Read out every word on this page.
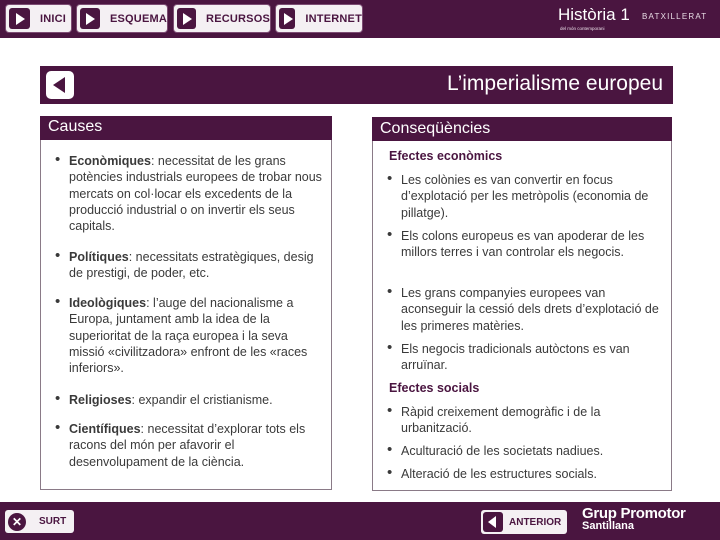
INICI	ESQUEMA	RECURSOS	INTERNET	Història 1 BATXILLERAT
del món contemporani
L’imperialisme europeu
Causes
• Econòmiques: necessitat de les grans potències industrials europees de trobar nous mercats on col·locar els excedents de la producció industrial o on invertir els seus capitals.
• Polítiques: necessitats estratègiques, desig de prestigi, de poder, etc.
• Ideològiques: l’auge del nacionalisme a Europa, juntament amb la idea de la superioritat de la raça europea i la seva missió «civilitzadora» enfront de les «races inferiors».
• Religioses: expandir el cristianisme.
• Científiques: necessitat d’explorar tots els racons del món per afavorir el desenvolupament de la ciència.
Conseqüències
Efectes econòmics
• Les colònies es van convertir en focus d’explotació per les metròpolis (economia de pillatge).
• Els colons europeus es van apoderar de les millors terres i van controlar els negocis.
• Les grans companyies europees van aconseguir la cessió dels drets d’explotació de les primeres matèries.
• Els negocis tradicionals autòctons es van arruïnar.
Efectes socials
• Ràpid creixement demogràfic i de la urbanització.
• Aculturació de les societats nadiues.
• Alteració de les estructures socials.
✕	SURT	ANTERIOR Grup Promotor
Santillana
